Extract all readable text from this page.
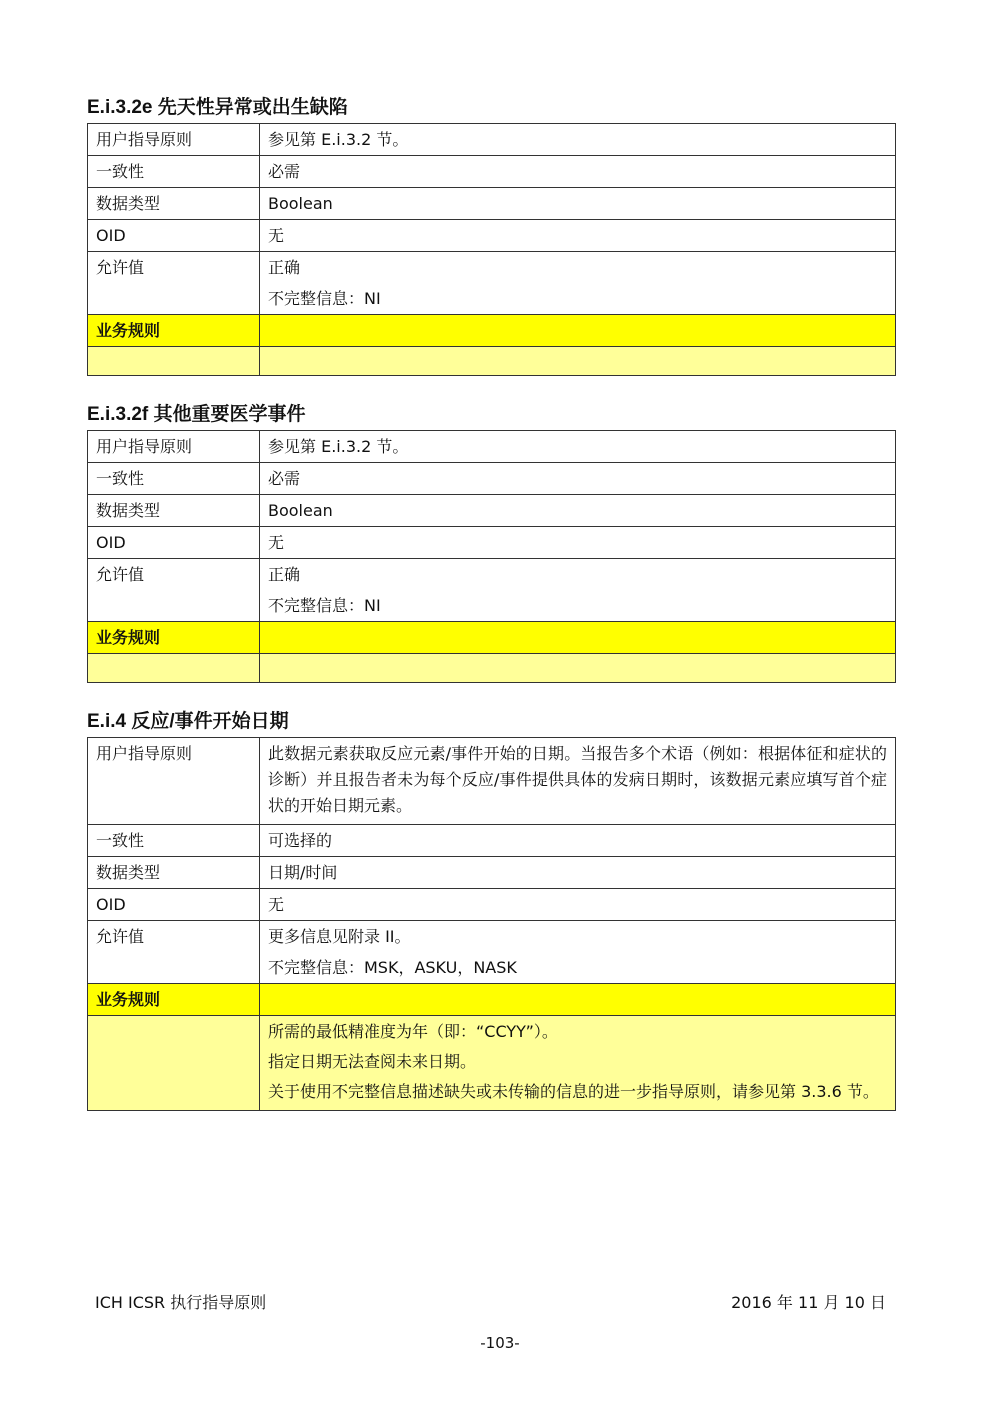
E.i.3.2e 先天性异常或出生缺陷
用户指导原则	参见第 E.i.3.2 节。
一致性	必需
数据类型	Boolean
OID	无
允许值	正确
不完整信息：NI

业务规则	

E.i.3.2f 其他重要医学事件
用户指导原则	参见第 E.i.3.2 节。
一致性	必需
数据类型	Boolean
OID	无
允许值	正确
不完整信息：NI

业务规则	

E.i.4 反应/事件开始日期
用户指导原则	此数据元素获取反应元素/事件开始的日期。当报告多个术语（例如：根据体征和症状的诊断）并且报告者未为每个反应/事件提供具体的发病日期时，该数据元素应填写首个症状的开始日期元素。

一致性	可选择的
数据类型	日期/时间
OID	无
允许值	更多信息见附录 II。
不完整信息：MSK，ASKU，NASK

业务规则	

	所需的最低精准度为年（即：“CCYY”）。
指定日期无法查阅未来日期。
关于使用不完整信息描述缺失或未传输的信息的进一步指导原则，请参见第 3.3.6 节。
ICH ICSR 执行指导原则	2016 年 11 月 10 日
-103-
